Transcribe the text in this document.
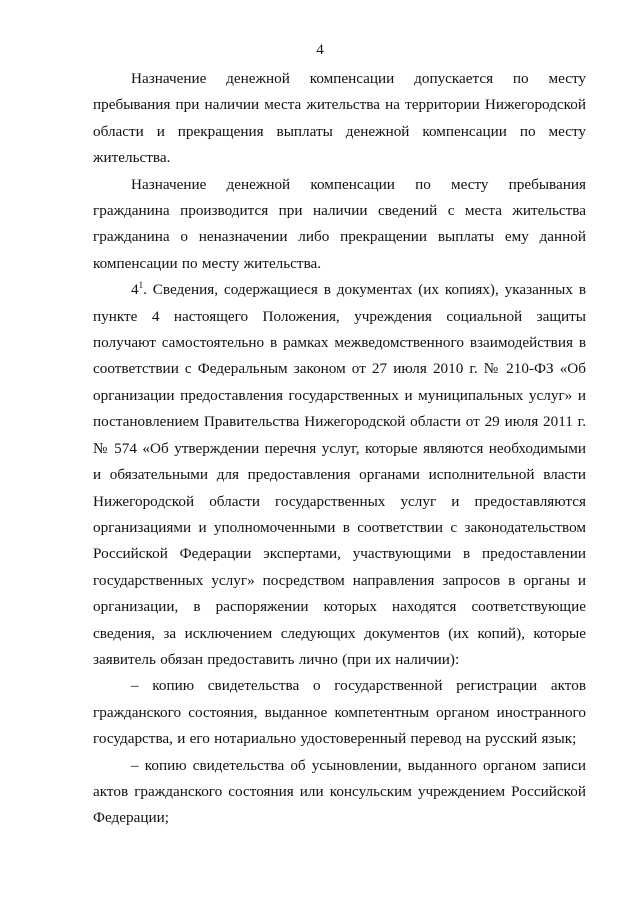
4

Назначение денежной компенсации допускается по месту пребывания при наличии места жительства на территории Нижегородской области и прекращения выплаты денежной компенсации по месту жительства.

Назначение денежной компенсации по месту пребывания гражданина производится при наличии сведений с места жительства гражданина о неназначении либо прекращении выплаты ему данной компенсации по месту жительства.

$4^1$. Сведения, содержащиеся в документах (их копиях), указанных в пункте 4 настоящего Положения, учреждения социальной защиты получают самостоятельно в рамках межведомственного взаимодействия в соответствии с Федеральным законом от 27 июля 2010 г. № 210-ФЗ «Об организации предоставления государственных и муниципальных услуг» и постановлением Правительства Нижегородской области от 29 июля 2011 г. № 574 «Об утверждении перечня услуг, которые являются необходимыми и обязательными для предоставления органами исполнительной власти Нижегородской области государственных услуг и предоставляются организациями и уполномоченными в соответствии с законодательством Российской Федерации экспертами, участвующими в предоставлении государственных услуг» посредством направления запросов в органы и организации, в распоряжении которых находятся соответствующие сведения, за исключением следующих документов (их копий), которые заявитель обязан предоставить лично (при их наличии):

– копию свидетельства о государственной регистрации актов гражданского состояния, выданное компетентным органом иностранного государства, и его нотариально удостоверенный перевод на русский язык;

– копию свидетельства об усыновлении, выданного органом записи актов гражданского состояния или консульским учреждением Российской Федерации;
